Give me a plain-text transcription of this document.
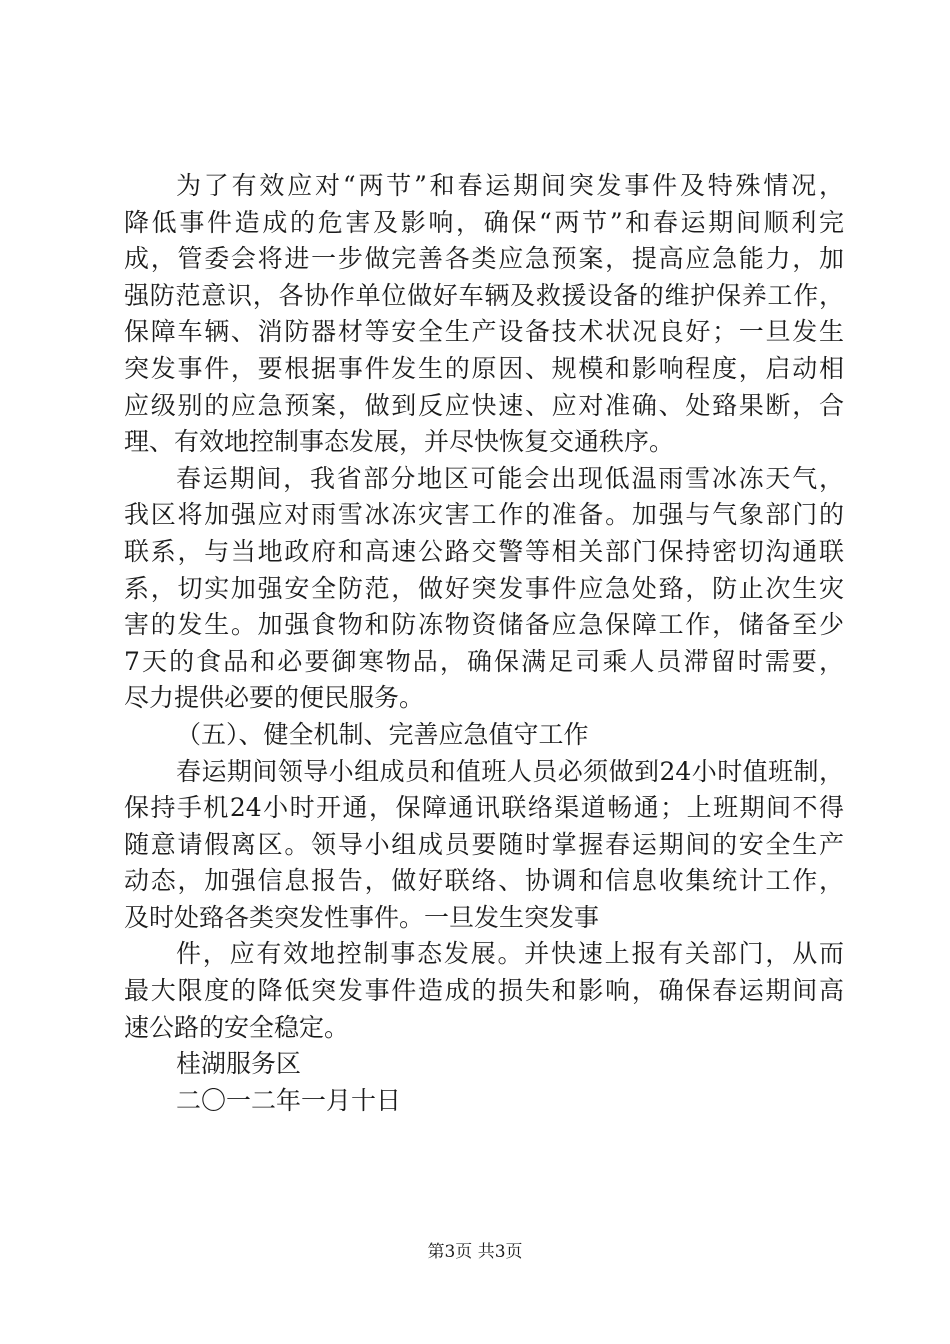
为了有效应对“两节”和春运期间突发事件及特殊情况，
降低事件造成的危害及影响，确保“两节”和春运期间顺利完
成，管委会将进一步做完善各类应急预案，提高应急能力，加
强防范意识，各协作单位做好车辆及救援设备的维护保养工作，
保障车辆、消防器材等安全生产设备技术状况良好；一旦发生
突发事件，要根据事件发生的原因、规模和影响程度，启动相
应级别的应急预案，做到反应快速、应对准确、处臵果断，合
理、有效地控制事态发展，并尽快恢复交通秩序。
春运期间，我省部分地区可能会出现低温雨雪冰冻天气，
我区将加强应对雨雪冰冻灾害工作的准备。加强与气象部门的
联系，与当地政府和高速公路交警等相关部门保持密切沟通联
系，切实加强安全防范，做好突发事件应急处臵，防止次生灾
害的发生。加强食物和防冻物资储备应急保障工作，储备至少
7天的食品和必要御寒物品，确保满足司乘人员滞留时需要，
尽力提供必要的便民服务。
（五）、健全机制、完善应急值守工作
春运期间领导小组成员和值班人员必须做到24小时值班制，
保持手机24小时开通，保障通讯联络渠道畅通；上班期间不得
随意请假离区。领导小组成员要随时掌握春运期间的安全生产
动态，加强信息报告，做好联络、协调和信息收集统计工作，
及时处臵各类突发性事件。一旦发生突发事
件，应有效地控制事态发展。并快速上报有关部门，从而
最大限度的降低突发事件造成的损失和影响，确保春运期间高
速公路的安全稳定。
桂湖服务区
二〇一二年一月十日
第3页 共3页
